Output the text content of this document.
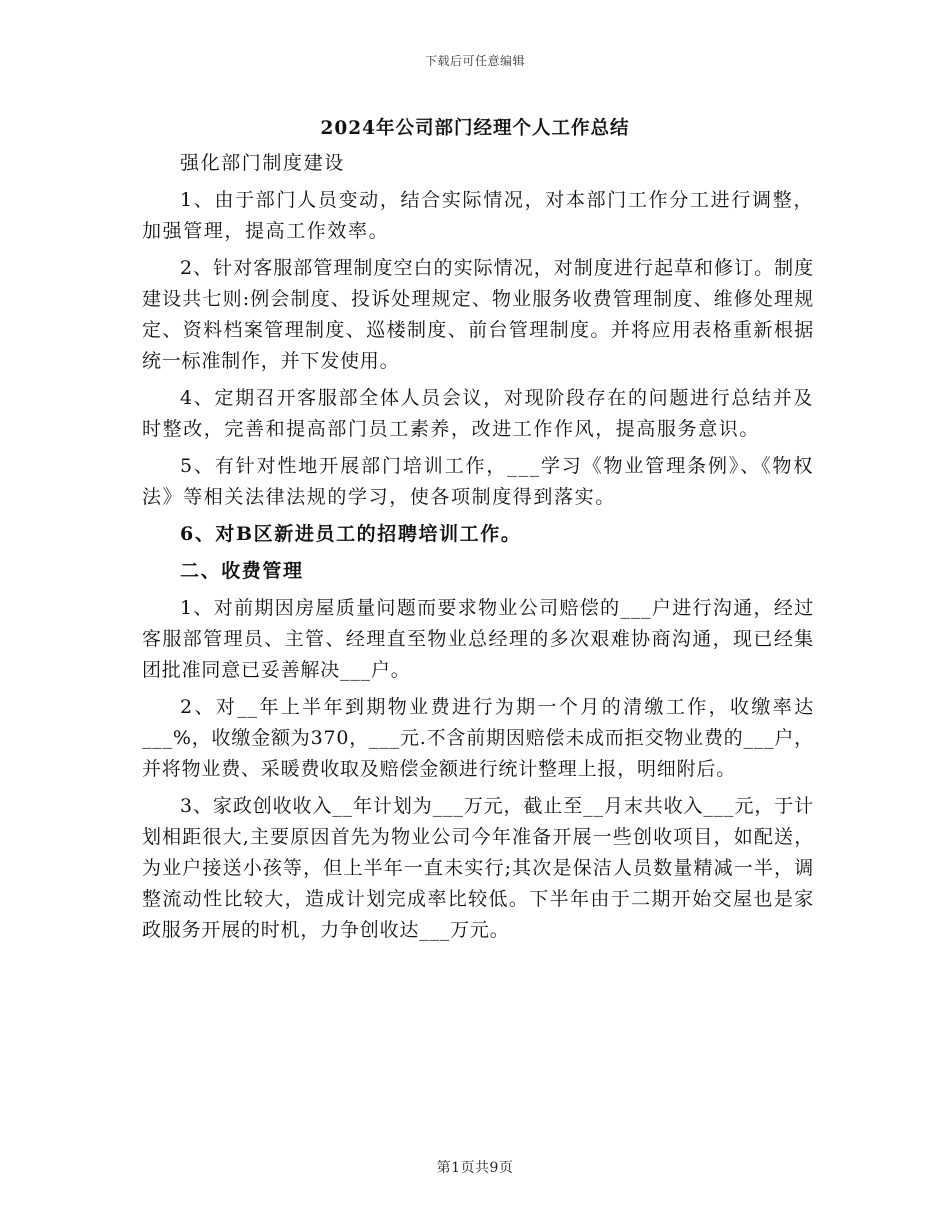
下载后可任意编辑
2024年公司部门经理个人工作总结

强化部门制度建设

1、由于部门人员变动，结合实际情况，对本部门工作分工进行调整，加强管理，提高工作效率。

2、针对客服部管理制度空白的实际情况，对制度进行起草和修订。制度建设共七则:例会制度、投诉处理规定、物业服务收费管理制度、维修处理规定、资料档案管理制度、巡楼制度、前台管理制度。并将应用表格重新根据统一标准制作，并下发使用。

4、定期召开客服部全体人员会议，对现阶段存在的问题进行总结并及时整改，完善和提高部门员工素养，改进工作作风，提高服务意识。

5、有针对性地开展部门培训工作，___学习《物业管理条例》、《物权法》等相关法律法规的学习，使各项制度得到落实。

6、对B区新进员工的招聘培训工作。

二、收费管理

1、对前期因房屋质量问题而要求物业公司赔偿的___户进行沟通，经过客服部管理员、主管、经理直至物业总经理的多次艰难协商沟通，现已经集团批准同意已妥善解决___户。

2、对__年上半年到期物业费进行为期一个月的清缴工作，收缴率达___%，收缴金额为370，___元.不含前期因赔偿未成而拒交物业费的___户，并将物业费、采暖费收取及赔偿金额进行统计整理上报，明细附后。

3、家政创收收入__年计划为___万元，截止至__月末共收入___元，于计划相距很大,主要原因首先为物业公司今年准备开展一些创收项目，如配送，为业户接送小孩等，但上半年一直未实行;其次是保洁人员数量精减一半，调整流动性比较大，造成计划完成率比较低。下半年由于二期开始交屋也是家政服务开展的时机，力争创收达___万元。

第1页共9页
